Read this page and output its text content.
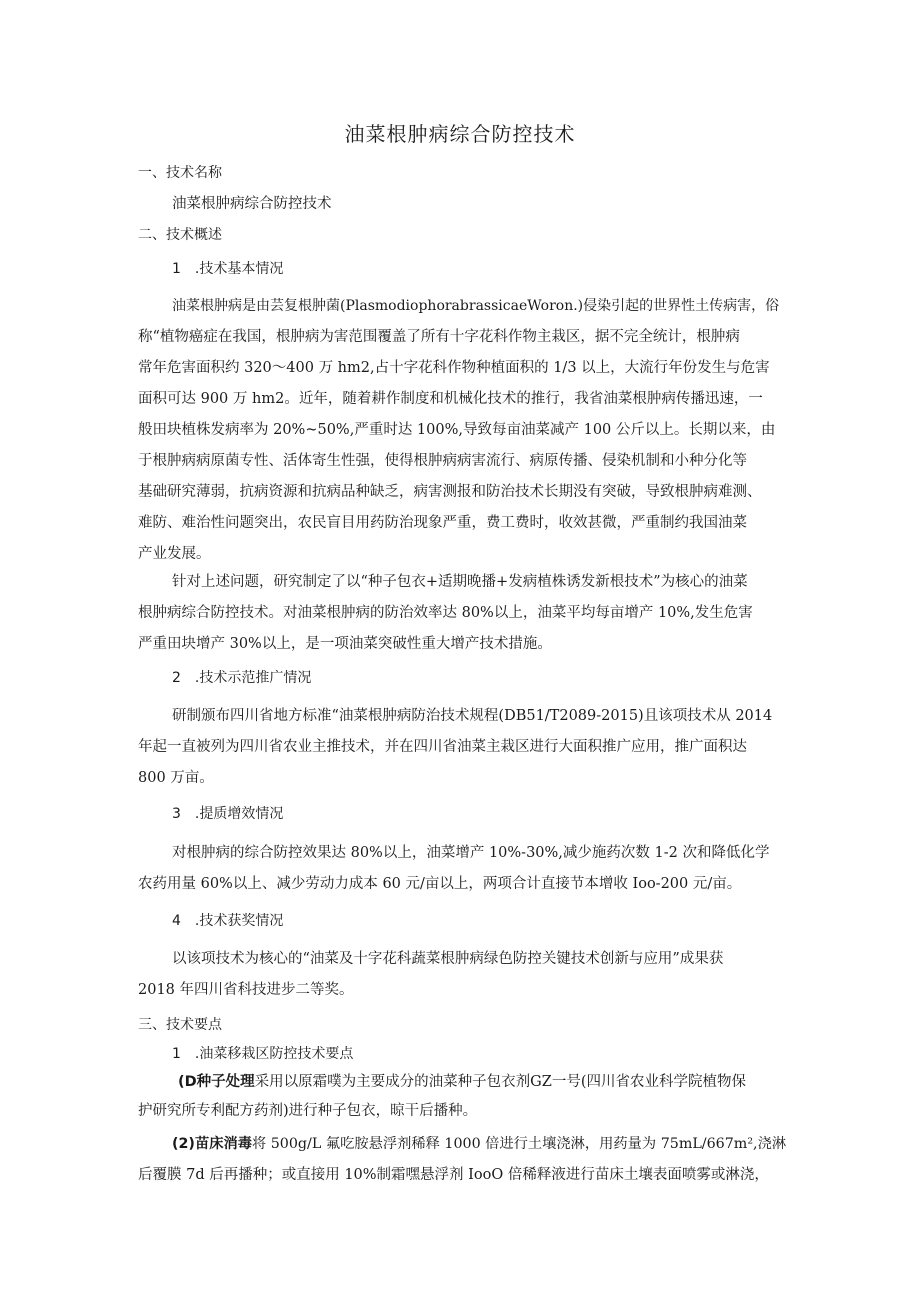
油菜根肿病综合防控技术
一、技术名称
油菜根肿病综合防控技术
二、技术概述
1　.技术基本情况
油菜根肿病是由芸复根肿菌(PlasmodiophorabrassicaeWoron.)侵染引起的世界性土传病害，俗
称“植物癌症在我国，根肿病为害范围覆盖了所有十字花科作物主栽区，据不完全统计，根肿病
常年危害面积约 320～400 万 hm2,占十字花科作物种植面积的 1/3 以上，大流行年份发生与危害
面积可达 900 万 hm2。近年，随着耕作制度和机械化技术的推行，我省油菜根肿病传播迅速，一
般田块植株发病率为 20%~50%,严重时达 100%,导致每亩油菜减产 100 公斤以上。长期以来，由
于根肿病病原菌专性、活体寄生性强，使得根肿病病害流行、病原传播、侵染机制和小种分化等
基础研究薄弱，抗病资源和抗病品种缺乏，病害测报和防治技术长期没有突破，导致根肿病难测、
难防、难治性问题突出，农民盲目用药防治现象严重，费工费时，收效甚微，严重制约我国油菜
产业发展。
针对上述问题，研究制定了以“种子包衣+适期晚播+发病植株诱发新根技术”为核心的油菜
根肿病综合防控技术。对油菜根肿病的防治效率达 80%以上，油菜平均每亩增产 10%,发生危害
严重田块增产 30%以上，是一项油菜突破性重大增产技术措施。
2　.技术示范推广情况
研制颁布四川省地方标准“油菜根肿病防治技术规程(DB51/T2089-2015)且该项技术从 2014
年起一直被列为四川省农业主推技术，并在四川省油菜主栽区进行大面积推广应用，推广面积达
800 万亩。
3　.提质增效情况
对根肿病的综合防控效果达 80%以上，油菜增产 10%-30%,减少施药次数 1-2 次和降低化学
农药用量 60%以上、减少劳动力成本 60 元/亩以上，两项合计直接节本增收 Ioo-200 元/亩。
4　.技术获奖情况
以该项技术为核心的“油菜及十字花科蔬菜根肿病绿色防控关键技术创新与应用”成果获
2018 年四川省科技进步二等奖。
三、技术要点
1　.油菜移栽区防控技术要点
(D种子处理采用以原霜噗为主要成分的油菜种子包衣剂GZ一号(四川省农业科学院植物保
护研究所专利配方药剂)进行种子包衣，晾干后播种。
(2)苗床消毒将 500g/L 氟吃胺悬浮剂稀释 1000 倍进行土壤浇淋，用药量为 75mL/667m²,浇淋
后覆膜 7d 后再播种；或直接用 10%制霜嘿悬浮剂 IooO 倍稀释液进行苗床土壤表面喷雾或淋浇，
